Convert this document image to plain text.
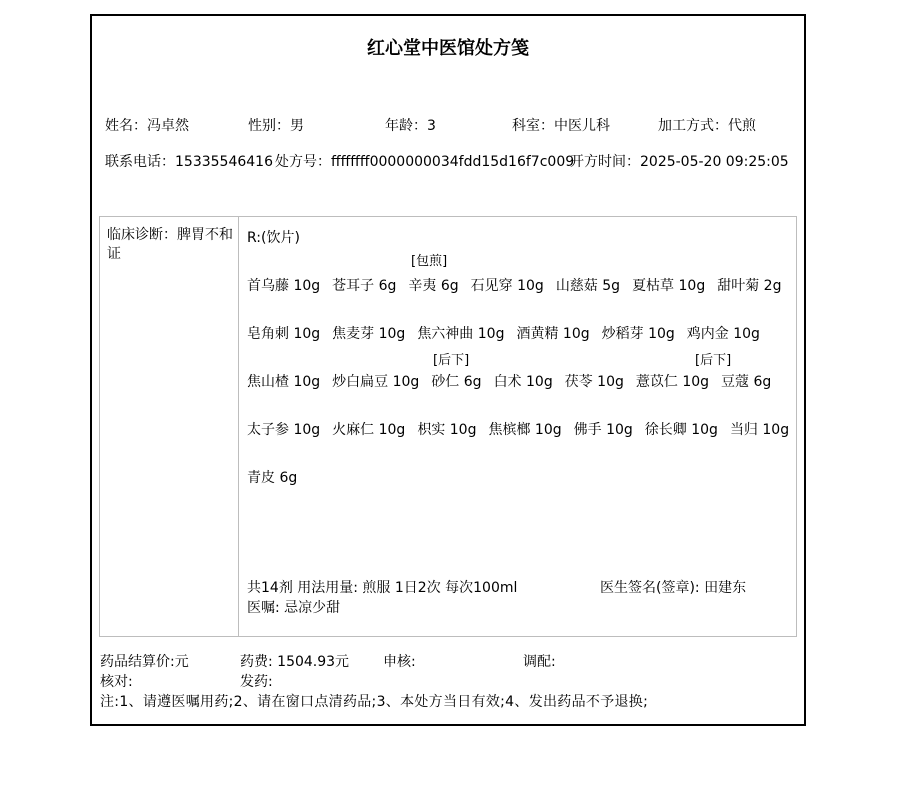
红心堂中医馆处方笺
姓名：冯卓然	性别：男	年龄：3	科室：中医儿科	加工方式：代煎
联系电话：15335546416 处方号：ffffffff0000000034fdd15d16f7c009
开方时间：2025-05-20 09:25:05
临床诊断：脾胃不和证
R:(饮片)
[包煎]
[后下]	[后下]
首乌藤 10g 苍耳子 6g 辛夷 6g 石见穿 10g 山慈菇 5g 夏枯草 10g 甜叶菊 2g
皂角刺 10g 焦麦芽 10g 焦六神曲 10g 酒黄精 10g 炒稻芽 10g 鸡内金 10g
焦山楂 10g 炒白扁豆 10g 砂仁 6g 白术 10g 茯苓 10g 薏苡仁 10g 豆蔻 6g
太子参 10g 火麻仁 10g 枳实 10g 焦槟榔 10g 佛手 10g 徐长卿 10g 当归 10g
青皮 6g
共14剂 用法用量: 煎服 1日2次 每次100ml	医生签名(签章): 田建东
医嘱: 忌凉少甜
药品结算价:元	药费: 1504.93元 申核:	调配:
核对:	发药:
注:1、请遵医嘱用药;2、请在窗口点清药品;3、本处方当日有效;4、发出药品不予退换;
